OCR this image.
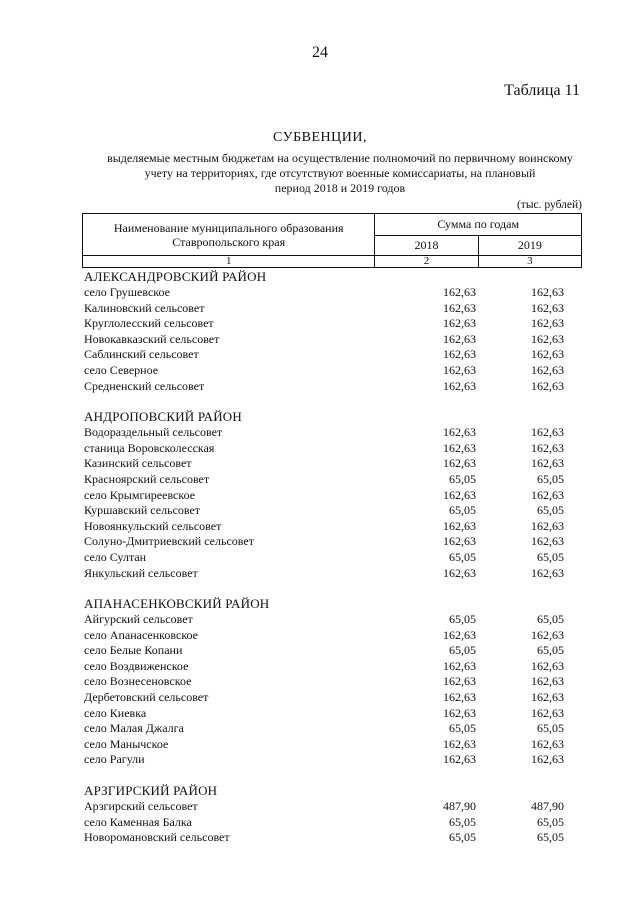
24
Таблица 11
СУБВЕНЦИИ,
выделяемые местным бюджетам на осуществление полномочий по первичному воинскому
учету на территориях, где отсутствуют военные комиссариаты, на плановый
период 2018 и 2019 годов
(тыс. рублей)
Наименование муниципального образования
Ставропольского края	Сумма по годам	
	2018	2019
1	2	3
АЛЕКСАНДРОВСКИЙ РАЙОН
село Грушевское	162,63	162,63
Калиновский сельсовет	162,63	162,63
Круглолесский сельсовет	162,63	162,63
Новокавказский сельсовет	162,63	162,63
Саблинский сельсовет	162,63	162,63
село Северное	162,63	162,63
Средненский сельсовет	162,63	162,63
АНДРОПОВСКИЙ РАЙОН
Водораздельный сельсовет	162,63	162,63
станица Воровсколесская	162,63	162,63
Казинский сельсовет	162,63	162,63
Красноярский сельсовет	65,05	65,05
село Крымгиреевское	162,63	162,63
Куршавский сельсовет	65,05	65,05
Новоянкульский сельсовет	162,63	162,63
Солуно-Дмитриевский сельсовет	162,63	162,63
село Султан	65,05	65,05
Янкульский сельсовет	162,63	162,63
АПАНАСЕНКОВСКИЙ РАЙОН
Айгурский сельсовет	65,05	65,05
село Апанасенковское	162,63	162,63
село Белые Копани	65,05	65,05
село Воздвиженское	162,63	162,63
село Вознесеновское	162,63	162,63
Дербетовский сельсовет	162,63	162,63
село Киевка	162,63	162,63
село Малая Джалга	65,05	65,05
село Манычское	162,63	162,63
село Рагули	162,63	162,63
АРЗГИРСКИЙ РАЙОН
Арзгирский сельсовет	487,90	487,90
село Каменная Балка	65,05	65,05
Новоромановский сельсовет	65,05	65,05
